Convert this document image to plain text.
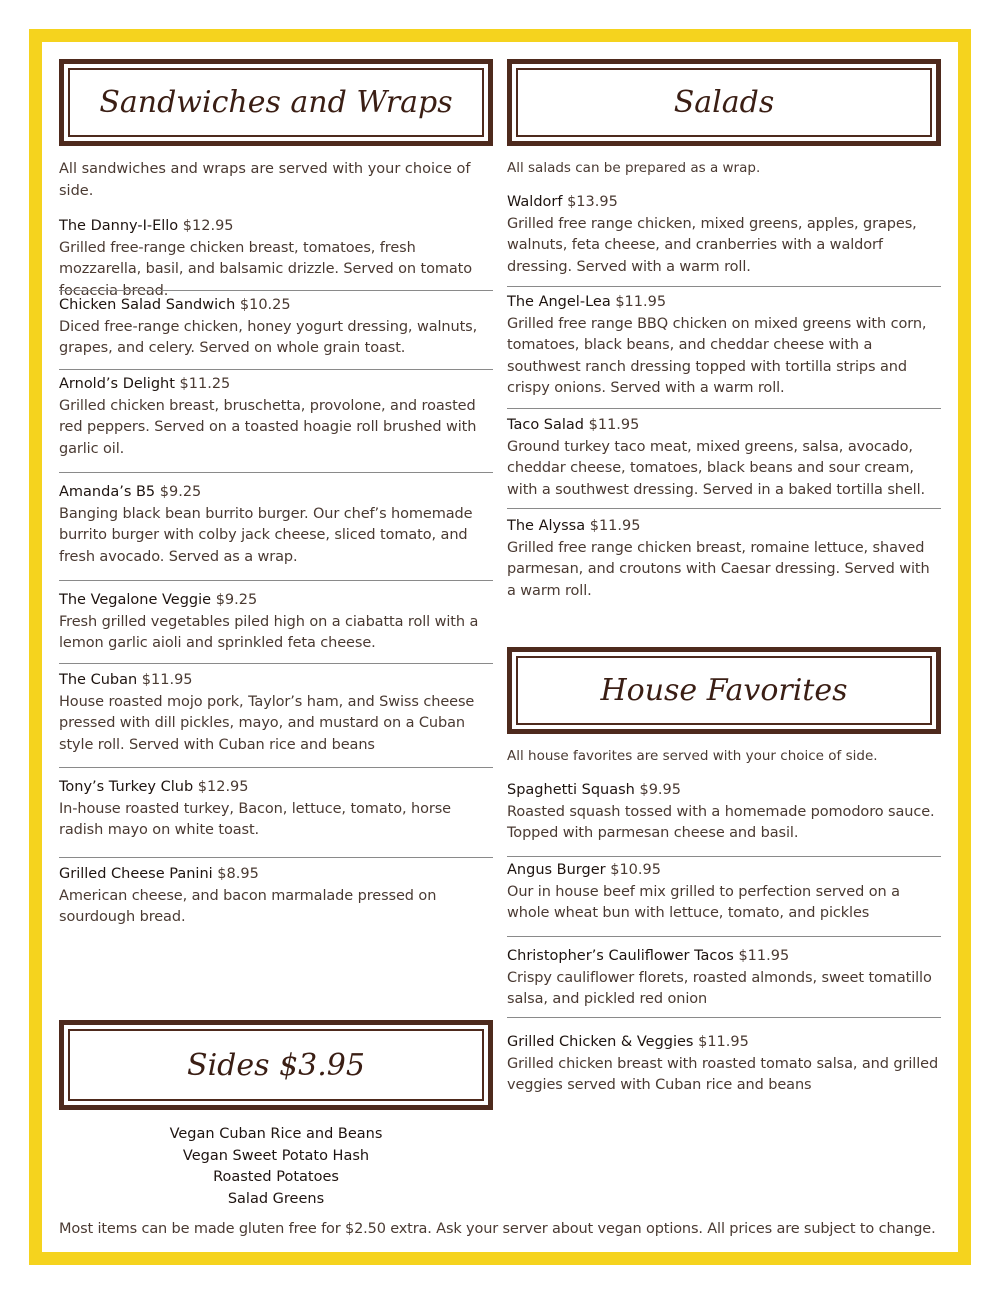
Sandwiches and Wraps	Salads
All sandwiches and wraps are served with your choice of side.
The Danny-I-Ello $12.95
Grilled free-range chicken breast, tomatoes, fresh mozzarella, basil, and balsamic drizzle. Served on tomato focaccia bread.
Chicken Salad Sandwich $10.25
Diced free-range chicken, honey yogurt dressing, walnuts, grapes, and celery. Served on whole grain toast.
Arnold’s Delight $11.25
Grilled chicken breast, bruschetta, provolone, and roasted red peppers. Served on a toasted hoagie roll brushed with garlic oil.
Amanda’s B5 $9.25
Banging black bean burrito burger. Our chef’s homemade burrito burger with colby jack cheese, sliced tomato, and fresh avocado. Served as a wrap.
The Vegalone Veggie $9.25
Fresh grilled vegetables piled high on a ciabatta roll with a lemon garlic aioli and sprinkled feta cheese.
The Cuban $11.95
House roasted mojo pork, Taylor’s ham, and Swiss cheese pressed with dill pickles, mayo, and mustard on a Cuban style roll. Served with Cuban rice and beans
Tony’s Turkey Club $12.95
In-house roasted turkey, Bacon, lettuce, tomato, horse radish mayo on white toast.
Grilled Cheese Panini $8.95
American cheese, and bacon marmalade pressed on sourdough bread.
All salads can be prepared as a wrap.
Waldorf $13.95
Grilled free range chicken, mixed greens, apples, grapes, walnuts, feta cheese, and cranberries with a waldorf dressing. Served with a warm roll.
The Angel-Lea $11.95
Grilled free range BBQ chicken on mixed greens with corn, tomatoes, black beans, and cheddar cheese with a southwest ranch dressing topped with tortilla strips and crispy onions. Served with a warm roll.
Taco Salad $11.95
Ground turkey taco meat, mixed greens, salsa, avocado, cheddar cheese, tomatoes, black beans and sour cream, with a southwest dressing. Served in a baked tortilla shell.
The Alyssa $11.95
Grilled free range chicken breast, romaine lettuce, shaved parmesan, and croutons with Caesar dressing. Served with a warm roll.
House Favorites
All house favorites are served with your choice of side.
Spaghetti Squash $9.95
Roasted squash tossed with a homemade pomodoro sauce. Topped with parmesan cheese and basil.
Angus Burger $10.95
Our in house beef mix grilled to perfection served on a whole wheat bun with lettuce, tomato, and pickles
Christopher’s Cauliflower Tacos $11.95
Crispy cauliflower florets, roasted almonds, sweet tomatillo salsa, and pickled red onion
Grilled Chicken & Veggies $11.95
Grilled chicken breast with roasted tomato salsa, and grilled veggies served with Cuban rice and beans
Sides $3.95
Vegan Cuban Rice and Beans
Vegan Sweet Potato Hash
Roasted Potatoes
Salad Greens
Most items can be made gluten free for $2.50 extra. Ask your server about vegan options. All prices are subject to change.
